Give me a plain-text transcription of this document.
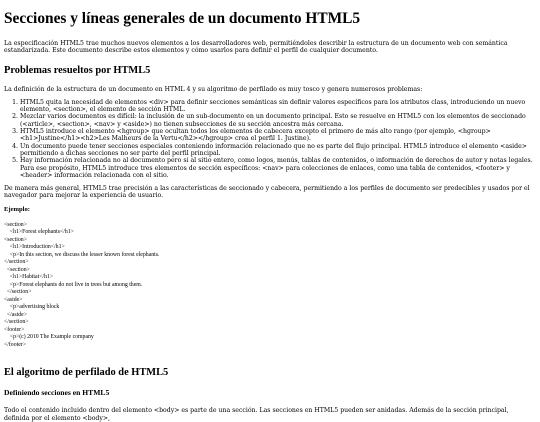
Secciones y líneas generales de un documento HTML5

La especificación HTML5 trae muchos nuevos elementos a los desarrolladores web, permitiéndoles describir la estructura de un documento web con semántica estandarizada. Este documento describe estos elementos y cómo usarlos para definir el perfil de cualquier documento.

Problemas resueltos por HTML5

La definición de la estructura de un documento en HTML 4 y su algoritmo de perfilado es muy tosco y genera numerosos problemas:

1. HTML5 quita la necesidad de elementos <div> para definir secciones semánticas sin definir valores específicos para los atributos class, introduciendo un nuevo elemento, <section>, el elemento de sección HTML.
2. Mezclar varios documentos es difícil: la inclusión de un sub-documento en un documento principal. Esto se resuelve en HTML5 con los elementos de seccionado (<article>, <section>, <nav> y <aside>) no tienen subsecciones de su sección ancestra más cercana.
3. HTML5 introduce el elemento <hgroup> que ocultan todos los elementos de cabecera excepto el primero de más alto rango (por ejemplo, <hgroup><h1>Justine</h1><h2>Les Malheurs de la Vertu</h2></hgroup> crea el perfil 1. Justine).
4. Un documento puede tener secciones especiales conteniendo información relacionado que no es parte del flujo principal. HTML5 introduce el elemento <aside> permitiendo a dichas secciones no ser parte del perfil principal.
5. Hay información relacionada no al documento pero si al sitio entero, como logos, menús, tablas de contenidos, o información de derechos de autor y notas legales. Para ese propósito, HTML5 introduce tres elementos de sección específicos: <nav> para colecciones de enlaces, como una tabla de contenidos, <footer> y <header> información relacionada con el sitio.

De manera más general, HTML5 trae precisión a las características de seccionado y cabecera, permitiendo a los perfiles de documento ser predecibles y usados por el navegador para mejorar la experiencia de usuario.

Ejemplo:
<section>
<h1>Forest elephants</h1>
<section>
<h1>Introduction</h1>
<p>In this section, we discuss the lesser known forest elephants.
</section>
<section>
<h1>Habitat</h1>
<p>Forest elephants do not live in trees but among them.
</section>
<aside>
<p>advertising block
</aside>
</section>
<footer>
<p>(c) 2010 The Example company
</footer>
El algoritmo de perfilado de HTML5
Definiendo secciones en HTML5

Todo el contenido incluido dentro del elemento <body> es parte de una sección. Las secciones en HTML5 pueden ser anidadas. Además de la sección principal, definida por el elemento <body>,
